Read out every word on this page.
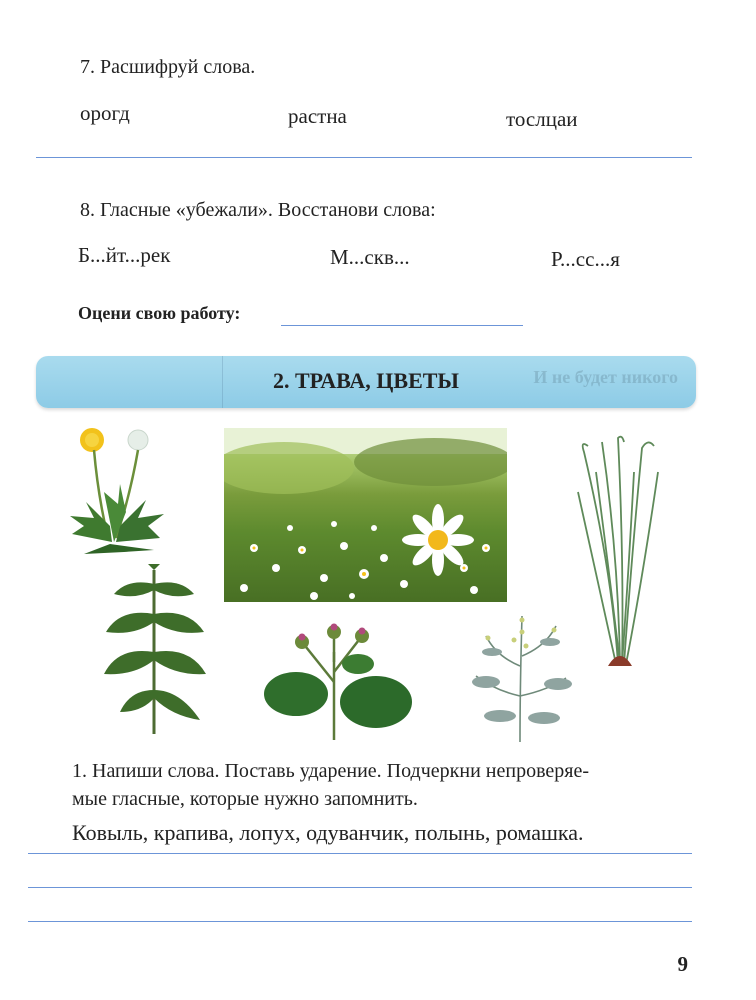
7. Расшифруй слова.
орогд	растна	тослцаи
8. Гласные «убежали». Восстанови слова:
Б...йт...рек	М...скв...	Р...сс...я
Оцени свою работу:
И не будет никого
2. ТРАВА, ЦВЕТЫ
1. Напиши слова. Поставь ударение. Подчеркни непроверяе-
мые гласные, которые нужно запомнить.
Ковыль, крапива, лопух, одуванчик, полынь, ромашка.
9
